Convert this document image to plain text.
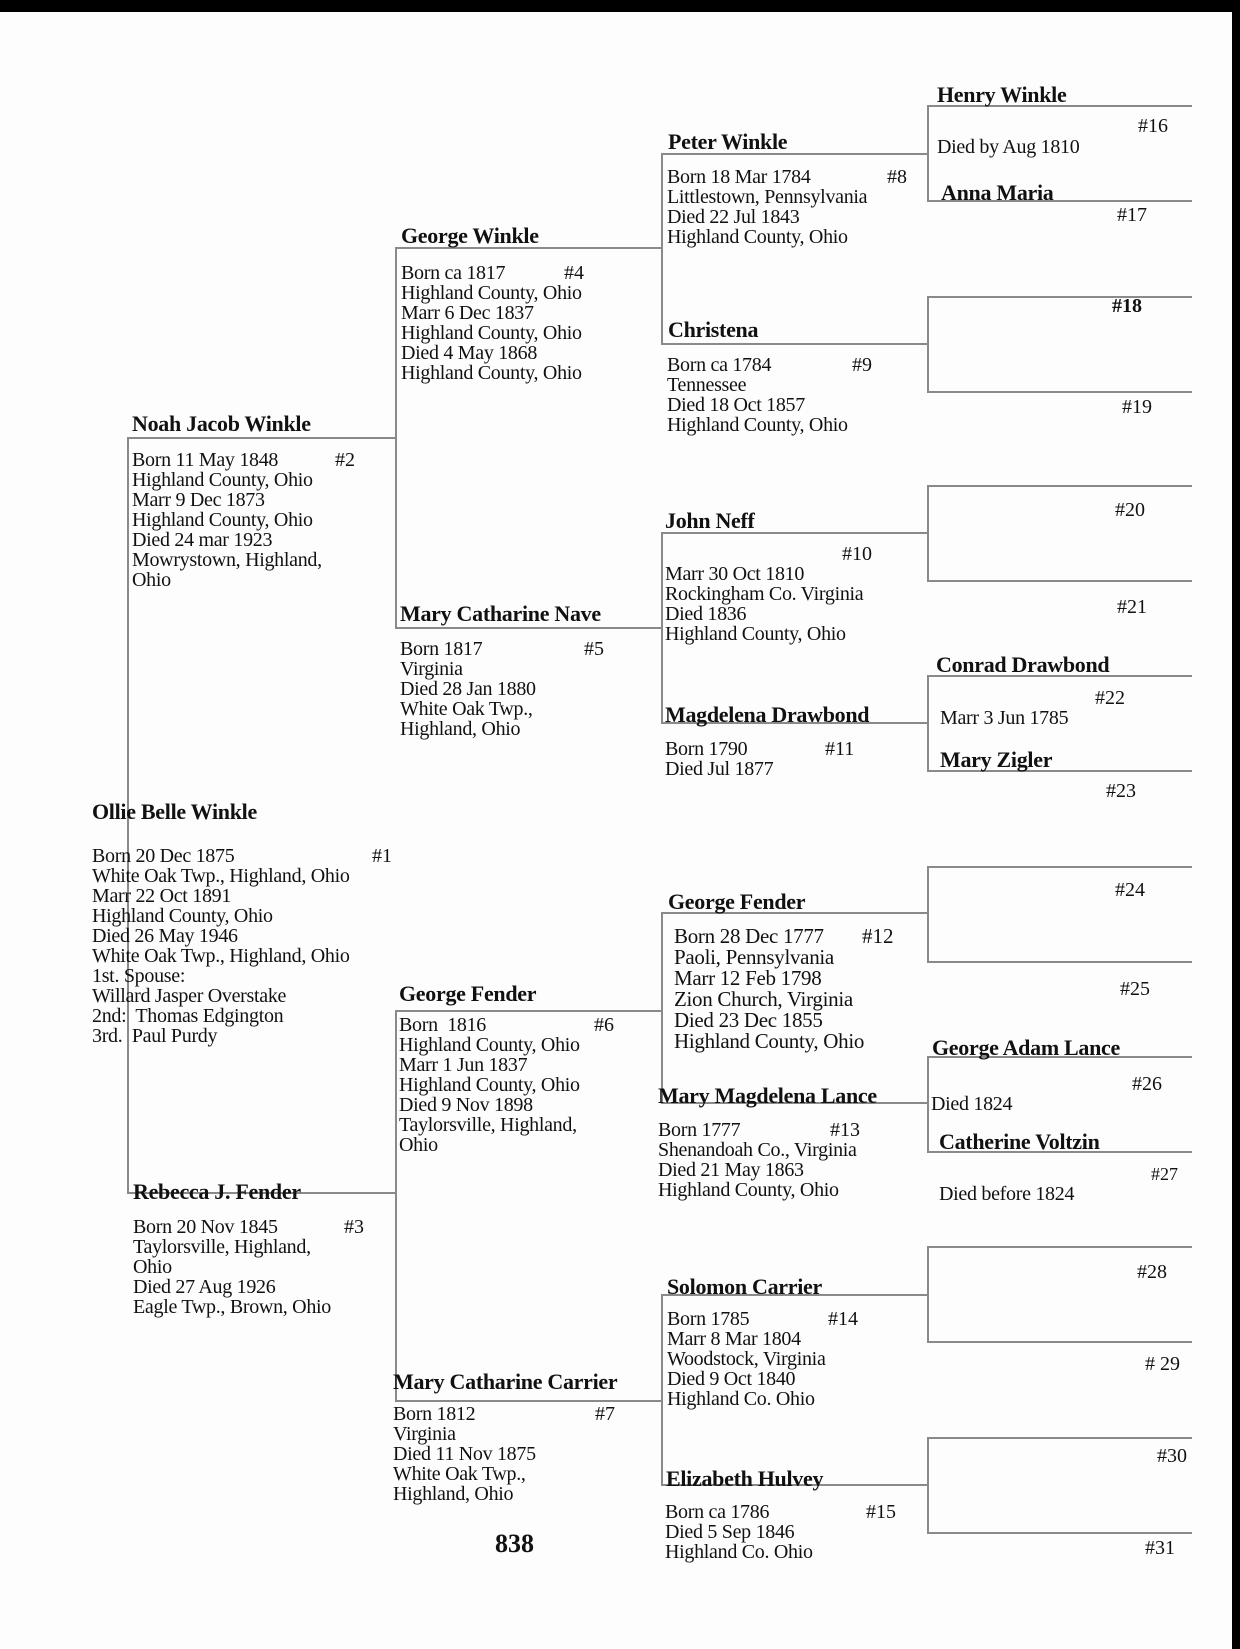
Ollie Belle Winkle
Born 20 Dec 1875
White Oak Twp., Highland, Ohio
Marr 22 Oct 1891
Highland County, Ohio
Died 26 May 1946
White Oak Twp., Highland, Ohio
1st. Spouse:
Willard Jasper Overstake
2nd:  Thomas Edgington
3rd.  Paul Purdy
#1
Noah Jacob Winkle
Born 11 May 1848
Highland County, Ohio
Marr 9 Dec 1873
Highland County, Ohio
Died 24 mar 1923
Mowrystown, Highland,
Ohio
#2
Rebecca J. Fender
Born 20 Nov 1845
Taylorsville, Highland,
Ohio
Died 27 Aug 1926
Eagle Twp., Brown, Ohio
#3
George Winkle
Born ca 1817
Highland County, Ohio
Marr 6 Dec 1837
Highland County, Ohio
Died 4 May 1868
Highland County, Ohio
#4
Mary Catharine Nave
Born 1817
Virginia
Died 28 Jan 1880
White Oak Twp.,
Highland, Ohio
#5
George Fender
Born  1816
Highland County, Ohio
Marr 1 Jun 1837
Highland County, Ohio
Died 9 Nov 1898
Taylorsville, Highland,
Ohio
#6
Mary Catharine Carrier
Born 1812
Virginia
Died 11 Nov 1875
White Oak Twp.,
Highland, Ohio
#7
Peter Winkle
Born 18 Mar 1784
Littlestown, Pennsylvania
Died 22 Jul 1843
Highland County, Ohio
#8
Christena
Born ca 1784
Tennessee
Died 18 Oct 1857
Highland County, Ohio
#9
John Neff
#10
Marr 30 Oct 1810
Rockingham Co. Virginia
Died 1836
Highland County, Ohio
Magdelena Drawbond
Born 1790
Died Jul 1877
#11
George Fender
Born 28 Dec 1777
Paoli, Pennsylvania
Marr 12 Feb 1798
Zion Church, Virginia
Died 23 Dec 1855
Highland County, Ohio
#12
Mary Magdelena Lance
Born 1777
Shenandoah Co., Virginia
Died 21 May 1863
Highland County, Ohio
#13
Solomon Carrier
Born 1785
Marr 8 Mar 1804
Woodstock, Virginia
Died 9 Oct 1840
Highland Co. Ohio
#14
Elizabeth Hulvey
Born ca 1786
Died 5 Sep 1846
Highland Co. Ohio
#15
Henry Winkle
#16
Died by Aug 1810
Anna Maria
#17
#18
#19
#20
#21
Conrad Drawbond
#22
Marr 3 Jun 1785
Mary Zigler
#23
#24
#25
George Adam Lance
#26
Died 1824
Catherine Voltzin
#27
Died before 1824
#28
# 29
#30
#31
838
